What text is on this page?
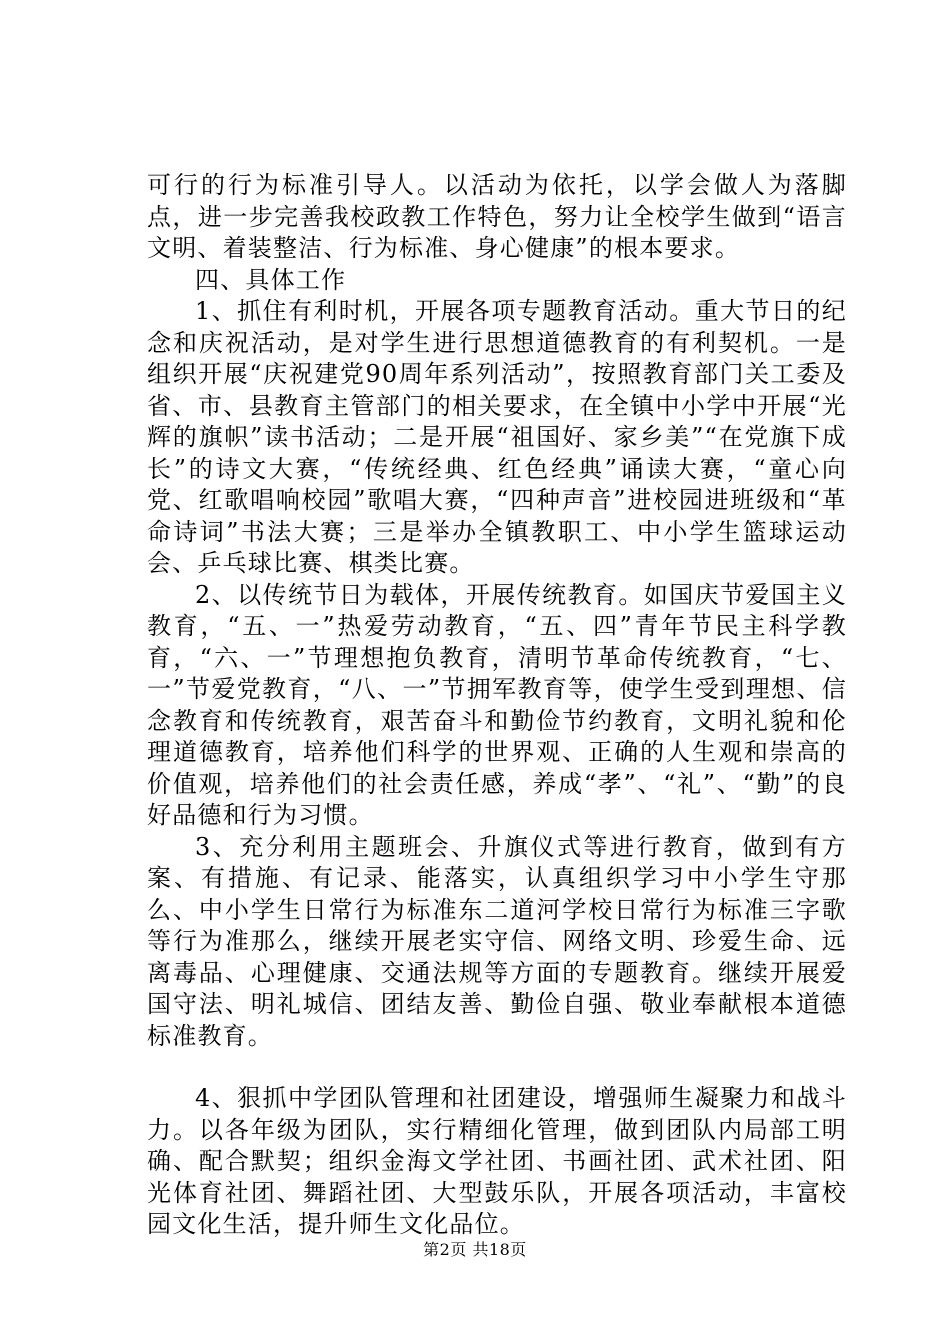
可行的行为标准引导人。以活动为依托，以学会做人为落脚点，进一步完善我校政教工作特色，努力让全校学生做到“语言文明、着装整洁、行为标准、身心健康”的根本要求。

四、具体工作

1、抓住有利时机，开展各项专题教育活动。重大节日的纪念和庆祝活动，是对学生进行思想道德教育的有利契机。一是组织开展“庆祝建党90周年系列活动”，按照教育部门关工委及省、市、县教育主管部门的相关要求，在全镇中小学中开展“光辉的旗帜”读书活动；二是开展“祖国好、家乡美”“在党旗下成长”的诗文大赛，“传统经典、红色经典”诵读大赛，“童心向党、红歌唱响校园”歌唱大赛，“四种声音”进校园进班级和“革命诗词”书法大赛；三是举办全镇教职工、中小学生篮球运动会、乒乓球比赛、棋类比赛。

2、以传统节日为载体，开展传统教育。如国庆节爱国主义教育，“五、一”热爱劳动教育，“五、四”青年节民主科学教育，“六、一”节理想抱负教育，清明节革命传统教育，“七、一”节爱党教育，“八、一”节拥军教育等，使学生受到理想、信念教育和传统教育，艰苦奋斗和勤俭节约教育，文明礼貌和伦理道德教育，培养他们科学的世界观、正确的人生观和崇高的价值观，培养他们的社会责任感，养成“孝”、“礼”、“勤”的良好品德和行为习惯。

3、充分利用主题班会、升旗仪式等进行教育，做到有方案、有措施、有记录、能落实，认真组织学习中小学生守那么、中小学生日常行为标准东二道河学校日常行为标准三字歌等行为准那么，继续开展老实守信、网络文明、珍爱生命、远离毒品、心理健康、交通法规等方面的专题教育。继续开展爱国守法、明礼城信、团结友善、勤俭自强、敬业奉献根本道德标准教育。

4、狠抓中学团队管理和社团建设，增强师生凝聚力和战斗力。以各年级为团队，实行精细化管理，做到团队内局部工明确、配合默契；组织金海文学社团、书画社团、武术社团、阳光体育社团、舞蹈社团、大型鼓乐队，开展各项活动，丰富校园文化生活，提升师生文化品位。

第2页 共18页
